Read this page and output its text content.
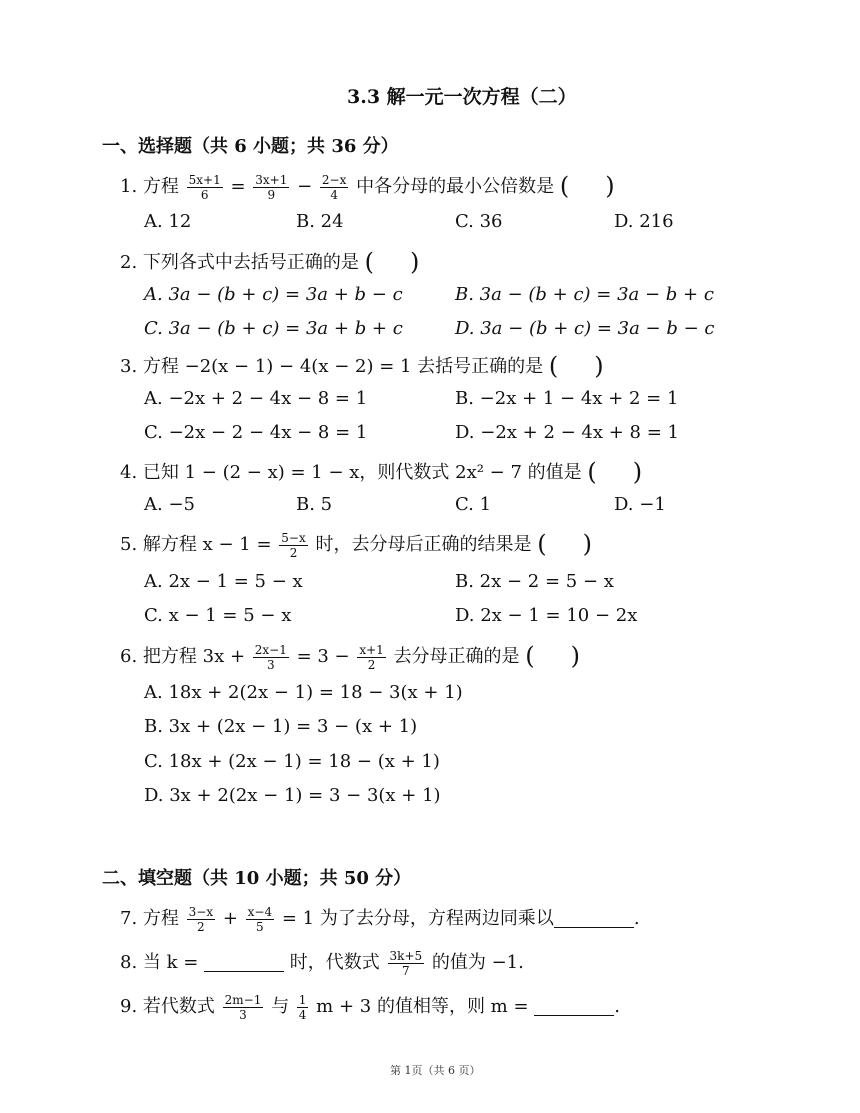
3.3 解一元一次方程（二）
一、选择题（共 6 小题；共 36 分）
1. 方程 $\frac{5x+1}{6} = \frac{3x+1}{9} - \frac{2-x}{4}$ 中各分母的最小公倍数是 ( )
A. 12	B. 24	C. 36	D. 216
2. 下列各式中去括号正确的是 ( )
A. 3a − (b + c) = 3a + b − c	B. 3a − (b + c) = 3a − b + c
C. 3a − (b + c) = 3a + b + c	D. 3a − (b + c) = 3a − b − c
3. 方程 −2(x − 1) − 4(x − 2) = 1 去括号正确的是 ( )
A. −2x + 2 − 4x − 8 = 1	B. −2x + 1 − 4x + 2 = 1
C. −2x − 2 − 4x − 8 = 1	D. −2x + 2 − 4x + 8 = 1
4. 已知 1 − (2 − x) = 1 − x，则代数式 2x² − 7 的值是 ( )
A. −5	B. 5	C. 1	D. −1
5. 解方程 $x - 1 = \frac{5-x}{2}$ 时，去分母后正确的结果是 ( )
A. 2x − 1 = 5 − x	B. 2x − 2 = 5 − x
C. x − 1 = 5 − x	D. 2x − 1 = 10 − 2x
6. 把方程 $3x + \frac{2x-1}{3} = 3 - \frac{x+1}{2}$ 去分母正确的是 ( )
A. 18x + 2(2x − 1) = 18 − 3(x + 1)
B. 3x + (2x − 1) = 3 − (x + 1)
C. 18x + (2x − 1) = 18 − (x + 1)
D. 3x + 2(2x − 1) = 3 − 3(x + 1)
二、填空题（共 10 小题；共 50 分）
7. 方程 $\frac{3-x}{2} + \frac{x-4}{5} = 1$ 为了去分母，方程两边同乘以	.
8. 当 k =	时，代数式 $\frac{3k+5}{7}$ 的值为 −1.
9. 若代数式 $\frac{2m-1}{3}$ 与 $\frac{1}{4}$ m + 3 的值相等，则 m =	.
第 1页（共 6 页）
